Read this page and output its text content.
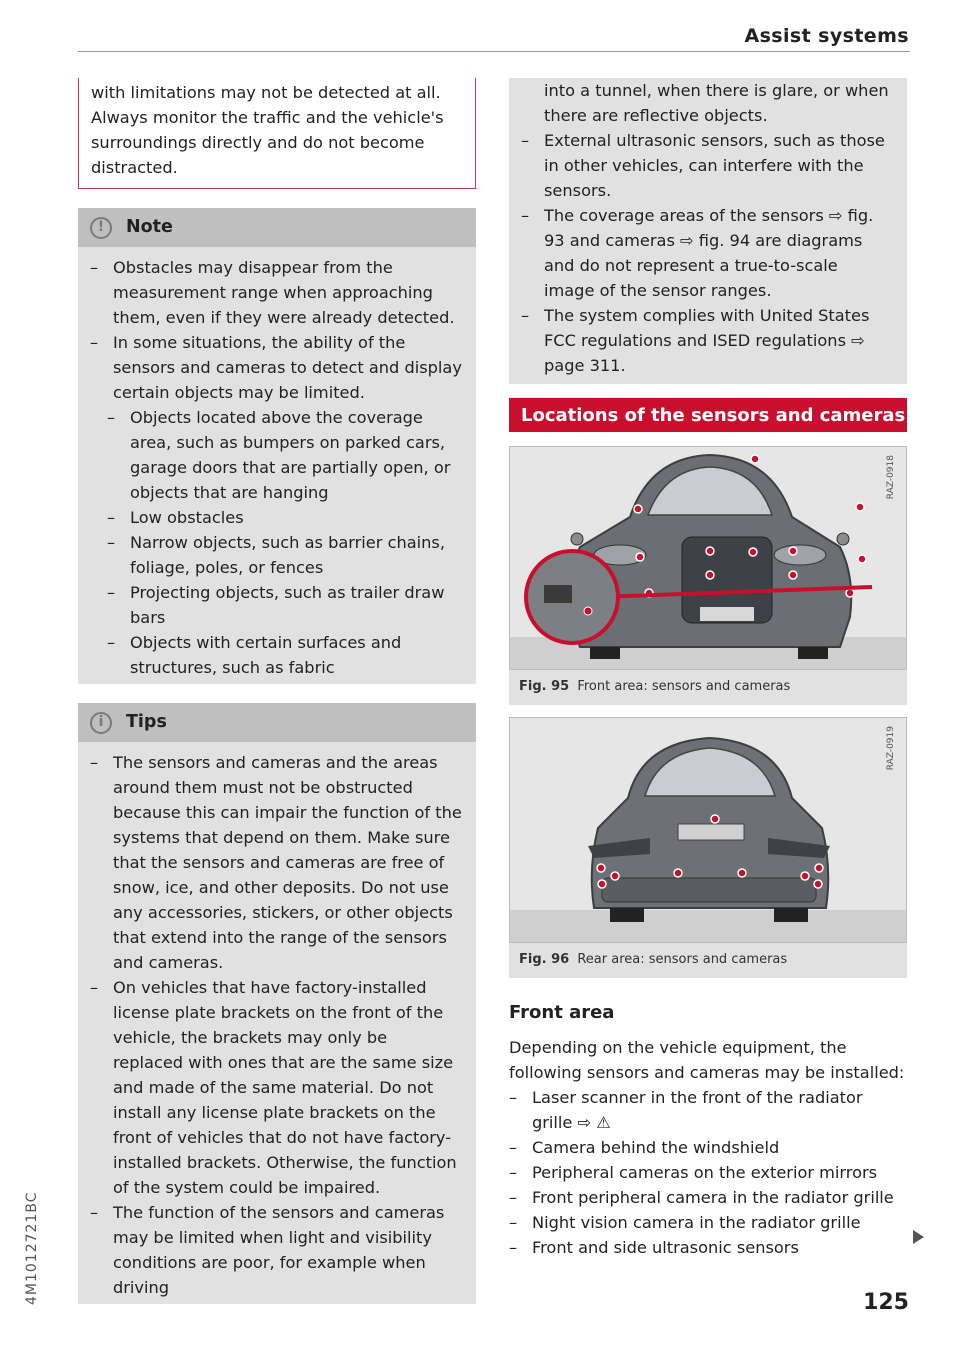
Assist systems
4M1012721BC

with limitations may not be detected at all. Always monitor the traffic and the vehicle's surroundings directly and do not become distracted.

!	Note
– Obstacles may disappear from the measurement range when approaching them, even if they were already detected.
– In some situations, the ability of the sensors and cameras to detect and display certain objects may be limited.
– Objects located above the coverage area, such as bumpers on parked cars, garage doors that are partially open, or objects that are hanging
– Low obstacles
– Narrow objects, such as barrier chains, foliage, poles, or fences
– Projecting objects, such as trailer draw bars
– Objects with certain surfaces and structures, such as fabric
i	Tips
– The sensors and cameras and the areas around them must not be obstructed because this can impair the function of the systems that depend on them. Make sure that the sensors and cameras are free of snow, ice, and other deposits. Do not use any accessories, stickers, or other objects that extend into the range of the sensors and cameras.
– On vehicles that have factory-installed license plate brackets on the front of the vehicle, the brackets may only be replaced with ones that are the same size and made of the same material. Do not install any license plate brackets on the front of vehicles that do not have factory-installed brackets. Otherwise, the function of the system could be impaired.
– The function of the sensors and cameras may be limited when light and visibility conditions are poor, for example when driving
into a tunnel, when there is glare, or when there are reflective objects.
– External ultrasonic sensors, such as those in other vehicles, can interfere with the sensors.
– The coverage areas of the sensors ⇨ fig. 93 and cameras ⇨ fig. 94 are diagrams and do not represent a true-to-scale image of the sensor ranges.
– The system complies with United States FCC regulations and ISED regulations ⇨ page 311.
Locations of the sensors and cameras
RAZ-0918
Fig. 95 Front area: sensors and cameras
RAZ-0919
Fig. 96 Rear area: sensors and cameras
Front area

Depending on the vehicle equipment, the following sensors and cameras may be installed:

– Laser scanner in the front of the radiator grille ⇨ ⚠
– Camera behind the windshield
– Peripheral cameras on the exterior mirrors
– Front peripheral camera in the radiator grille
– Night vision camera in the radiator grille
– Front and side ultrasonic sensors
125
